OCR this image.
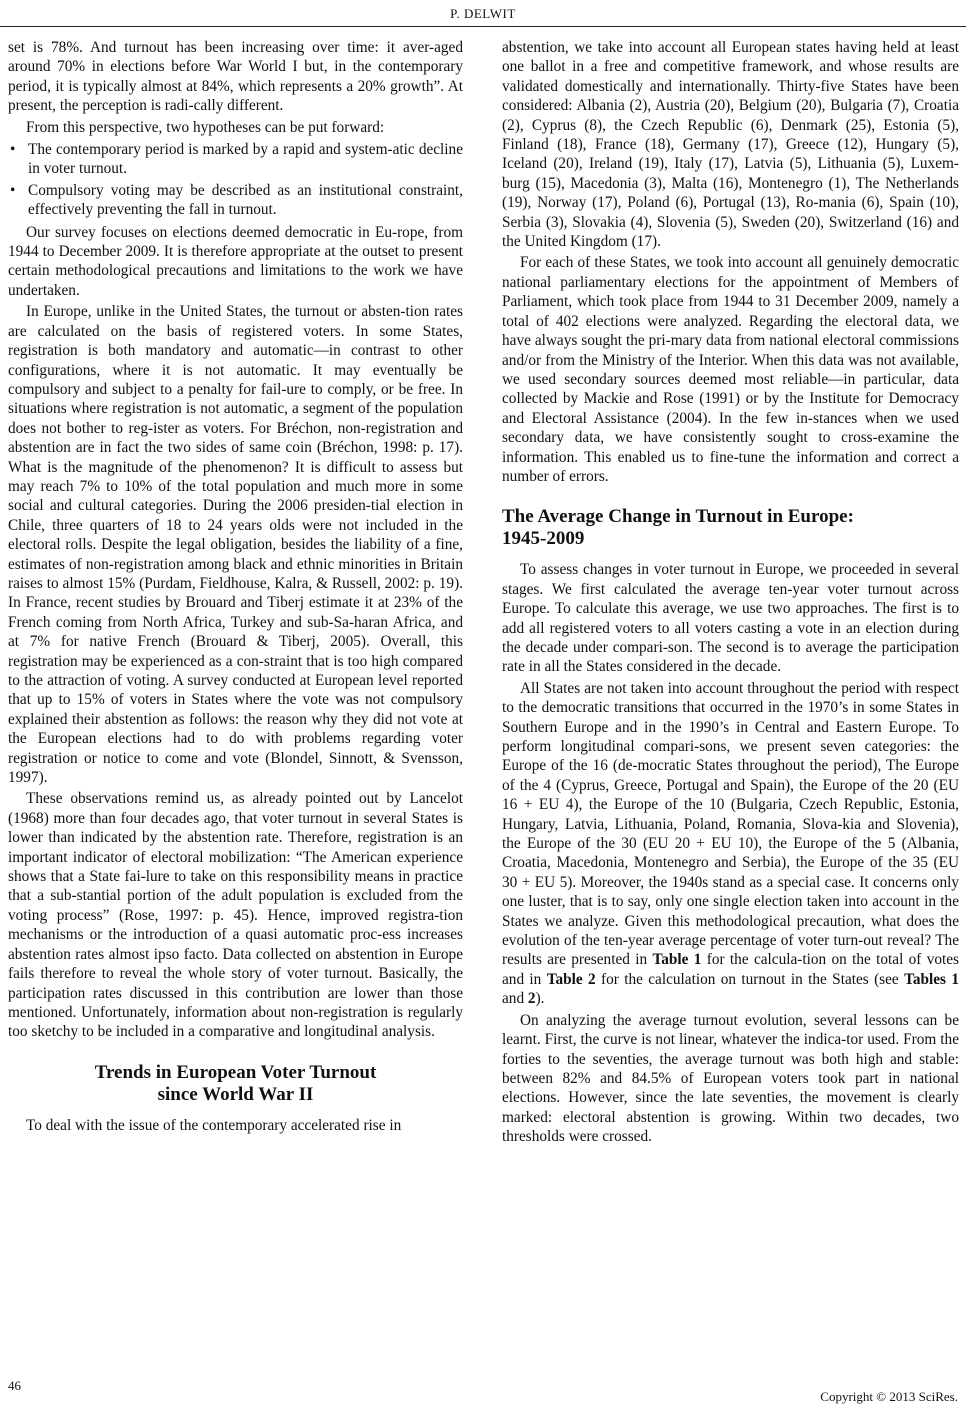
P. DELWIT

set is 78%. And turnout has been increasing over time: it aver-aged around 70% in elections before War World I but, in the contemporary period, it is typically almost at 84%, which represents a 20% growth”. At present, the perception is radi-cally different.

From this perspective, two hypotheses can be put forward:

• The contemporary period is marked by a rapid and system-atic decline in voter turnout.
• Compulsory voting may be described as an institutional constraint, effectively preventing the fall in turnout.

Our survey focuses on elections deemed democratic in Eu-rope, from 1944 to December 2009. It is therefore appropriate at the outset to present certain methodological precautions and limitations to the work we have undertaken.

In Europe, unlike in the United States, the turnout or absten-tion rates are calculated on the basis of registered voters. In some States, registration is both mandatory and automatic—in contrast to other configurations, where it is not automatic. It may eventually be compulsory and subject to a penalty for fail-ure to comply, or be free. In situations where registration is not automatic, a segment of the population does not bother to reg-ister as voters. For Bréchon, non-registration and abstention are in fact the two sides of same coin (Bréchon, 1998: p. 17). What is the magnitude of the phenomenon? It is difficult to assess but may reach 7% to 10% of the total population and much more in some social and cultural categories. During the 2006 presiden-tial election in Chile, three quarters of 18 to 24 years olds were not included in the electoral rolls. Despite the legal obligation, besides the liability of a fine, estimates of non-registration among black and ethnic minorities in Britain raises to almost 15% (Purdam, Fieldhouse, Kalra, & Russell, 2002: p. 19). In France, recent studies by Brouard and Tiberj estimate it at 23% of the French coming from North Africa, Turkey and sub-Sa-haran Africa, and at 7% for native French (Brouard & Tiberj, 2005). Overall, this registration may be experienced as a con-straint that is too high compared to the attraction of voting. A survey conducted at European level reported that up to 15% of voters in States where the vote was not compulsory explained their abstention as follows: the reason why they did not vote at the European elections had to do with problems regarding voter registration or notice to come and vote (Blondel, Sinnott, & Svensson, 1997).

These observations remind us, as already pointed out by Lancelot (1968) more than four decades ago, that voter turnout in several States is lower than indicated by the abstention rate. Therefore, registration is an important indicator of electoral mobilization: “The American experience shows that a State fai-lure to take on this responsibility means in practice that a sub-stantial portion of the adult population is excluded from the voting process” (Rose, 1997: p. 45). Hence, improved registra-tion mechanisms or the introduction of a quasi automatic proc-ess increases abstention rates almost ipso facto. Data collected on abstention in Europe fails therefore to reveal the whole story of voter turnout. Basically, the participation rates discussed in this contribution are lower than those mentioned. Unfortunately, information about non-registration is regularly too sketchy to be included in a comparative and longitudinal analysis.

Trends in European Voter Turnout
since World War II

To deal with the issue of the contemporary accelerated rise in

abstention, we take into account all European states having held at least one ballot in a free and competitive framework, and whose results are validated domestically and internationally. Thirty-five States have been considered: Albania (2), Austria (20), Belgium (20), Bulgaria (7), Croatia (2), Cyprus (8), the Czech Republic (6), Denmark (25), Estonia (5), Finland (18), France (18), Germany (17), Greece (12), Hungary (5), Iceland (20), Ireland (19), Italy (17), Latvia (5), Lithuania (5), Luxem-burg (15), Macedonia (3), Malta (16), Montenegro (1), The Netherlands (19), Norway (17), Poland (6), Portugal (13), Ro-mania (6), Spain (10), Serbia (3), Slovakia (4), Slovenia (5), Sweden (20), Switzerland (16) and the United Kingdom (17).

For each of these States, we took into account all genuinely democratic national parliamentary elections for the appointment of Members of Parliament, which took place from 1944 to 31 December 2009, namely a total of 402 elections were analyzed. Regarding the electoral data, we have always sought the pri-mary data from national electoral commissions and/or from the Ministry of the Interior. When this data was not available, we used secondary sources deemed most reliable—in particular, data collected by Mackie and Rose (1991) or by the Institute for Democracy and Electoral Assistance (2004). In the few in-stances when we used secondary data, we have consistently sought to cross-examine the information. This enabled us to fine-tune the information and correct a number of errors.

The Average Change in Turnout in Europe:
1945-2009

To assess changes in voter turnout in Europe, we proceeded in several stages. We first calculated the average ten-year voter turnout across Europe. To calculate this average, we use two approaches. The first is to add all registered voters to all voters casting a vote in an election during the decade under compari-son. The second is to average the participation rate in all the States considered in the decade.

All States are not taken into account throughout the period with respect to the democratic transitions that occurred in the 1970’s in some States in Southern Europe and in the 1990’s in Central and Eastern Europe. To perform longitudinal compari-sons, we present seven categories: the Europe of the 16 (de-mocratic States throughout the period), The Europe of the 4 (Cyprus, Greece, Portugal and Spain), the Europe of the 20 (EU 16 + EU 4), the Europe of the 10 (Bulgaria, Czech Republic, Estonia, Hungary, Latvia, Lithuania, Poland, Romania, Slova-kia and Slovenia), the Europe of the 30 (EU 20 + EU 10), the Europe of the 5 (Albania, Croatia, Macedonia, Montenegro and Serbia), the Europe of the 35 (EU 30 + EU 5). Moreover, the 1940s stand as a special case. It concerns only one luster, that is to say, only one single election taken into account in the States we analyze. Given this methodological precaution, what does the evolution of the ten-year average percentage of voter turn-out reveal? The results are presented in Table 1 for the calcula-tion on the total of votes and in Table 2 for the calculation on turnout in the States (see Tables 1 and 2).

On analyzing the average turnout evolution, several lessons can be learnt. First, the curve is not linear, whatever the indica-tor used. From the forties to the seventies, the average turnout was both high and stable: between 82% and 84.5% of European voters took part in national elections. However, since the late seventies, the movement is clearly marked: electoral abstention is growing. Within two decades, two thresholds were crossed.

46
Copyright © 2013 SciRes.
